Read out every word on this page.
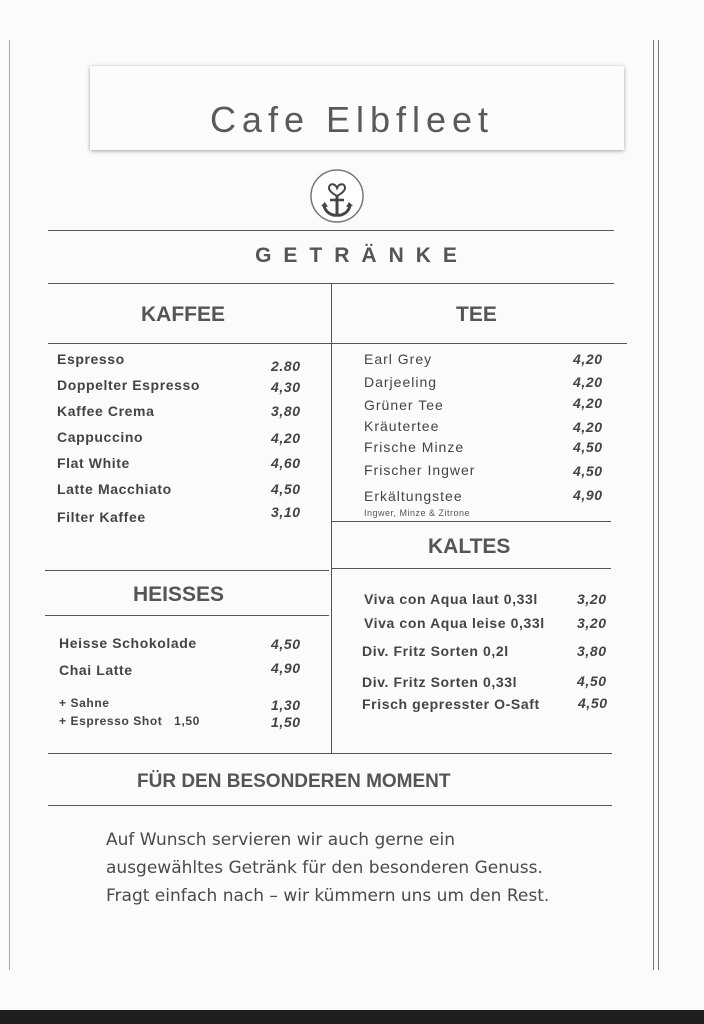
Cafe Elbfleet
GETRÄNKE
KAFFEE
Espresso	2.80
Doppelter Espresso	4,30
Kaffee Crema	3,80
Cappuccino	4,20
Flat White	4,60
Latte Macchiato	4,50
Filter Kaffee	3,10
TEE
Earl Grey	4,20
Darjeeling	4,20
Grüner Tee	4,20
Kräutertee	4,20
Frische Minze	4,50
Frischer Ingwer	4,50
Erkältungstee	4,90
Ingwer, Minze & Zitrone
KALTES
Viva con Aqua laut 0,33l	3,20
Viva con Aqua leise 0,33l 3,20
Div. Fritz Sorten 0,2l	3,80
Div. Fritz Sorten 0,33l	4,50
Frisch gepresster O-Saft	4,50
HEISSES
Heisse Schokolade	4,50
Chai Latte	4,90
+ Sahne	1,30
+ Espresso Shot   1,50	1,50
FÜR DEN BESONDEREN MOMENT
Auf Wunsch servieren wir auch gerne ein
ausgewähltes Getränk für den besonderen Genuss.
Fragt einfach nach – wir kümmern uns um den Rest.
